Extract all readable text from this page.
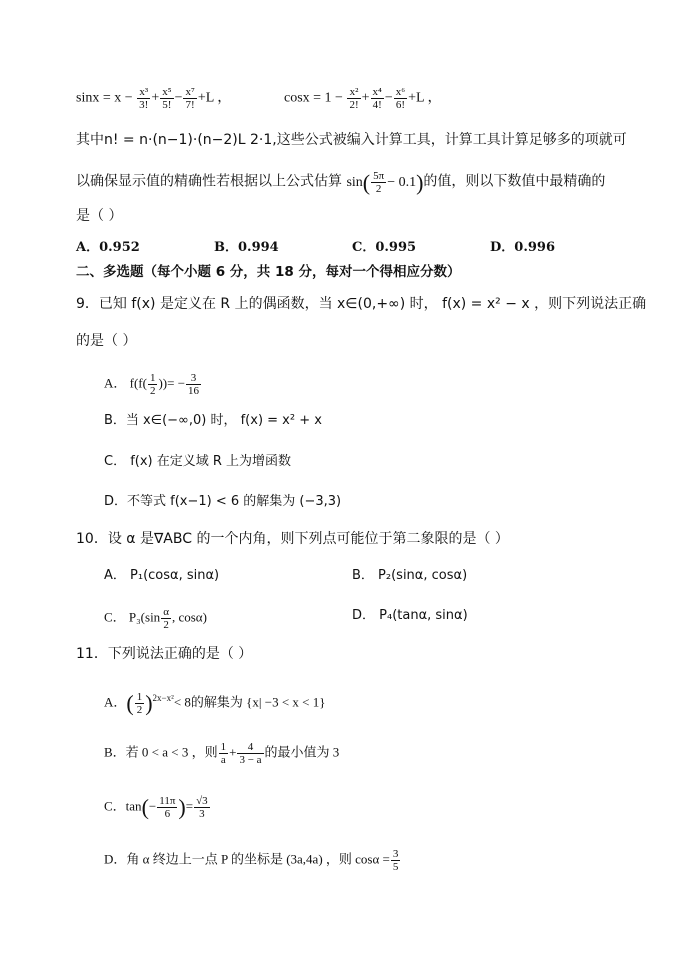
$\sin x = x - \frac{\text{x³}}{3!} + \frac{\text{x⁵}}{5!} - \frac{\text{x⁷}}{7!} +L$ ，	$\cos x = 1 - \frac{\text{x²}}{2!} + \frac{\text{x⁴}}{4!} - \frac{\text{x⁶}}{6!} +L$ ，
其中n! = n·(n−1)·(n−2)L 2·1,这些公式被编入计算工具，计算工具计算足够多的项就可
以确保显示值的精确性若根据以上公式估算 $\sin( \frac{5\pi}{2} - 0.1)$的值，则以下数值中最精确的
是（ ）
A．0.952	B．0.994	C．0.995	D．0.996
二、多选题（每个小题 6 分，共 18 分，每对一个得相应分数）
9．已知 f(x) 是定义在 R 上的偶函数，当 x∈(0,+∞) 时， f(x) = x² − x ，则下列说法正确
的是（ ）
A． $f(f( \frac{1}{2}$ ))= − $\frac{3}{16}$
B．当 x∈(−∞,0) 时， f(x) = x² + x
C． f(x) 在定义域 R 上为增函数
D．不等式 f(x−1) < 6 的解集为 (−3,3)
10．设 α 是∇ABC 的一个内角，则下列点可能位于第二象限的是（ ）
A． P₁(cosα, sinα)	B． P₂(sinα, cosα)
C． $P_3(\sin \frac{\alpha}{2}$ , cosα)	D． P₄(tanα, sinα)
11．下列说法正确的是（ ）
A．( $\frac{1}{2} )^{2x-x^2}< 8$的解集为 {x| −3 < x < 1}
B．若 0 < a < 3 ，则 $\frac{1}{a} + \frac{4}{3 - a}$ 的最小值为 3
C．$\tan(- \frac{11\pi}{6}$ )= $\frac{√3}{3}$
D．角 α 终边上一点 P 的坐标是 (3a,4a) ，则 $\cos\alpha = \frac{3}{5}$
